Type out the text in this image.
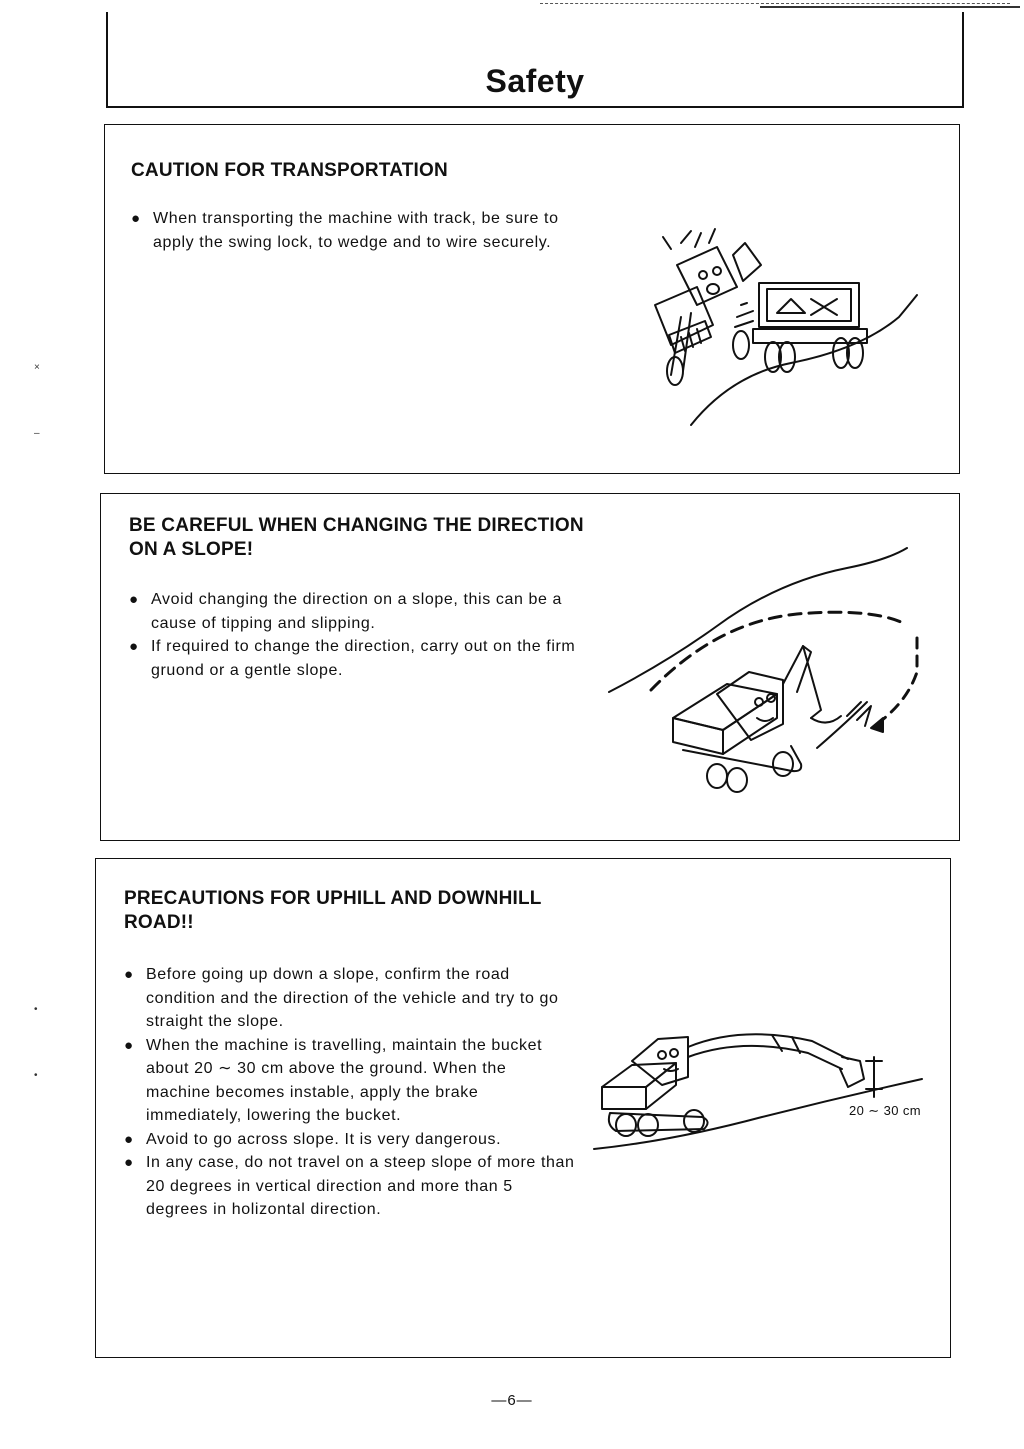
×
–
•
•
Safety
CAUTION FOR TRANSPORTATION
● When transporting the machine with track, be sure to apply the swing lock, to wedge and to wire securely.
BE CAREFUL WHEN CHANGING THE DIRECTION ON A SLOPE!
● Avoid changing the direction on a slope, this can be a cause of tipping and slipping.
● If required to change the direction, carry out on the firm gruond or a gentle slope.
PRECAUTIONS FOR UPHILL AND DOWNHILL ROAD!!
● Before going up down a slope, confirm the road condition and the direction of the vehicle and try to go straight the slope.
● When the machine is travelling, maintain the bucket about 20 ∼ 30 cm above the ground. When the machine becomes instable, apply the brake immediately, lowering the bucket.
● Avoid to go across slope. It is very dangerous.
● In any case, do not travel on a steep slope of more than 20 degrees in vertical direction and more than 5 degrees in holizontal direction.
20 ∼ 30 cm
—6—
